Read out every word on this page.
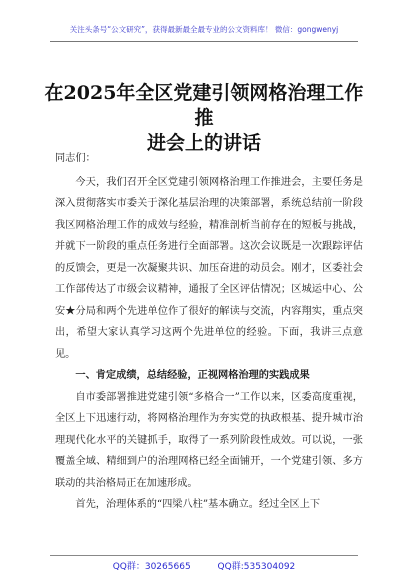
关注头条号“公文研究”，获得最新最全最专业的公文资料库！ 微信：gongwenyj
在2025年全区党建引领网格治理工作推
进会上的讲话

同志们：

今天，我们召开全区党建引领网格治理工作推进会，主要任务是深入贯彻落实市委关于深化基层治理的决策部署，系统总结前一阶段我区网格治理工作的成效与经验，精准剖析当前存在的短板与挑战，并就下一阶段的重点任务进行全面部署。这次会议既是一次跟踪评估的反馈会，更是一次凝聚共识、加压奋进的动员会。刚才，区委社会工作部传达了市级会议精神，通报了全区评估情况；区城运中心、公安★分局和两个先进单位作了很好的解读与交流，内容翔实，重点突出，希望大家认真学习这两个先进单位的经验。下面，我讲三点意见。

一、肯定成绩，总结经验，正视网格治理的实践成果

自市委部署推进党建引领“多格合一”工作以来，区委高度重视，全区上下迅速行动，将网格治理作为夯实党的执政根基、提升城市治理现代化水平的关键抓手，取得了一系列阶段性成效。可以说，一张覆盖全域、精细到户的治理网格已经全面铺开，一个党建引领、多方联动的共治格局正在加速形成。

首先，治理体系的“四梁八柱”基本确立。经过全区上下

QQ群：30265665	QQ群:535304092
